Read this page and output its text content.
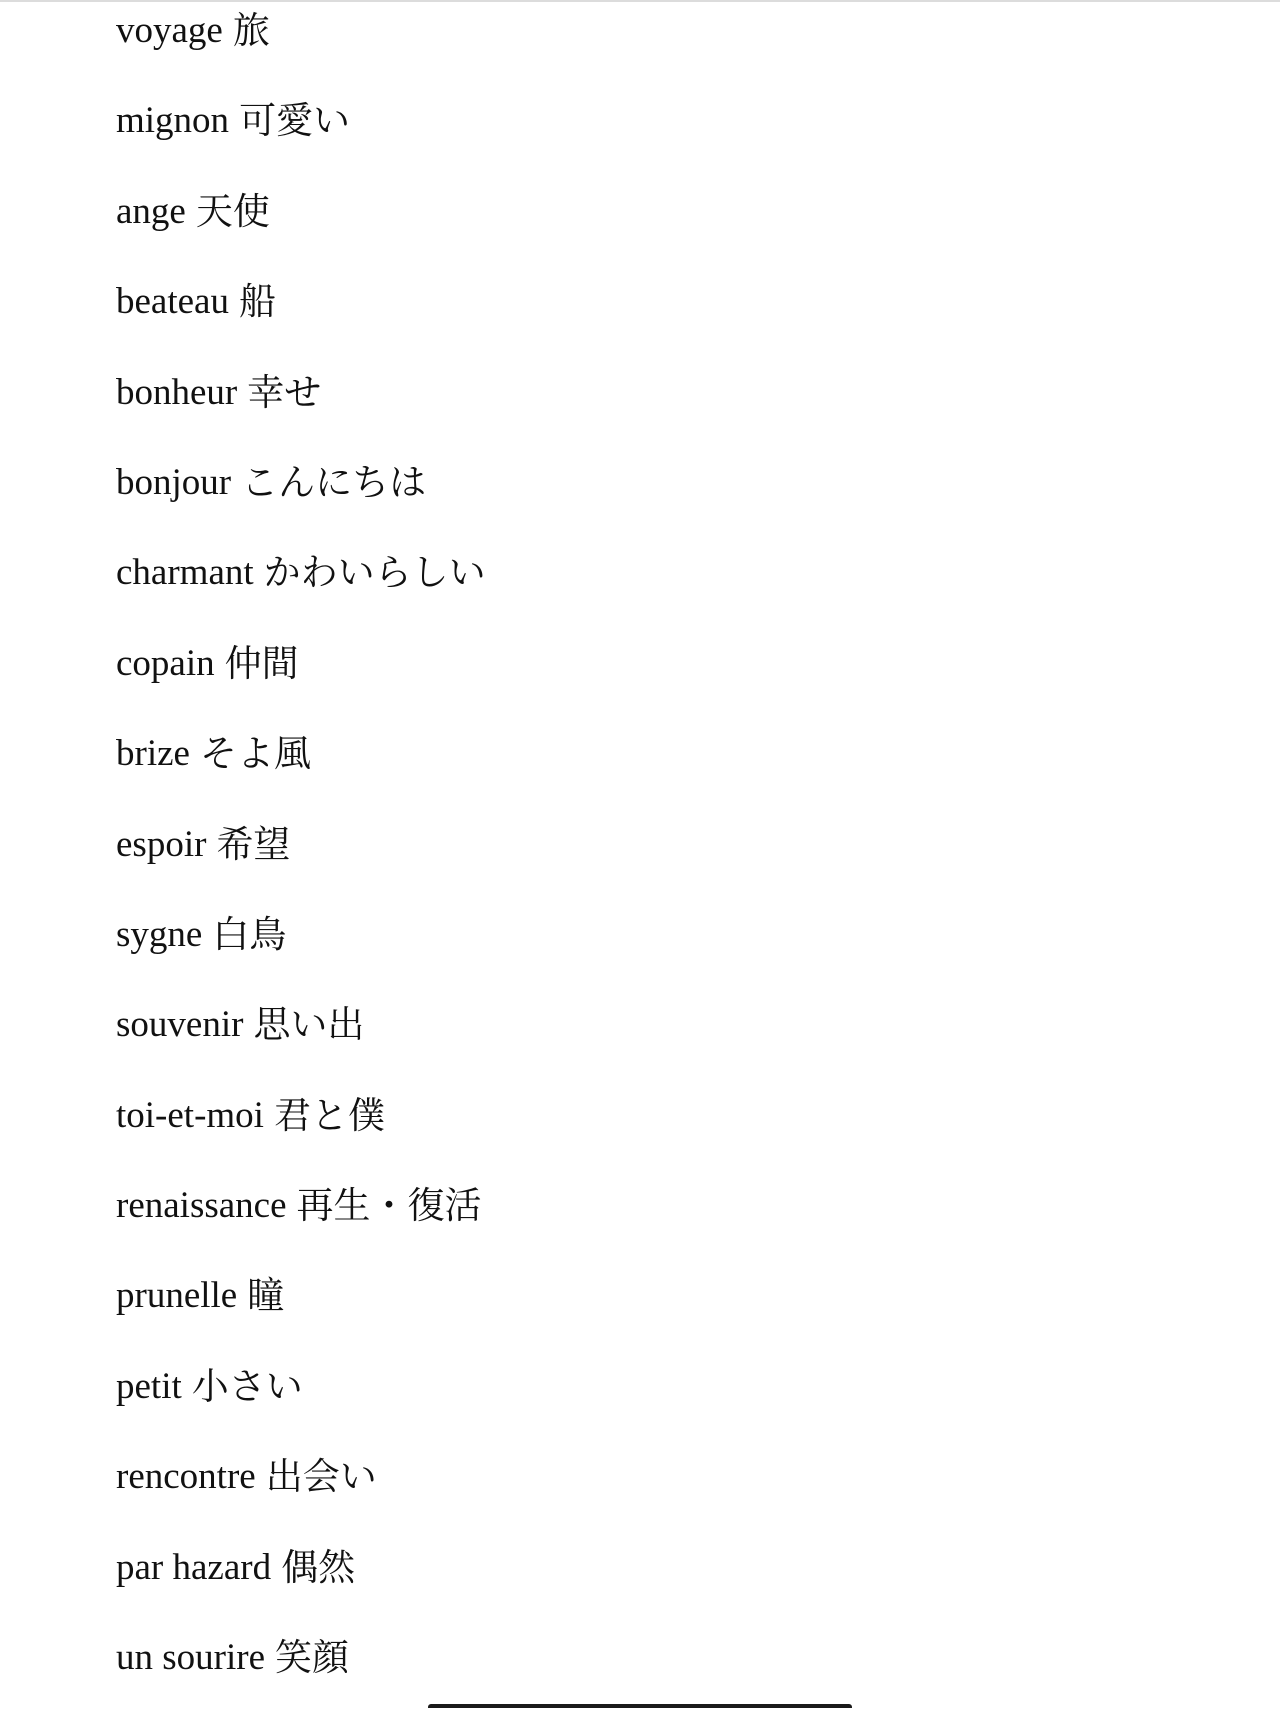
voyage 旅
mignon 可愛い
ange 天使
beateau 船
bonheur 幸せ
bonjour こんにちは
charmant かわいらしい
copain 仲間
brize そよ風
espoir 希望
sygne 白鳥
souvenir 思い出
toi-et-moi 君と僕
renaissance 再生・復活
prunelle 瞳
petit 小さい
rencontre 出会い
par hazard 偶然
un sourire 笑顔
